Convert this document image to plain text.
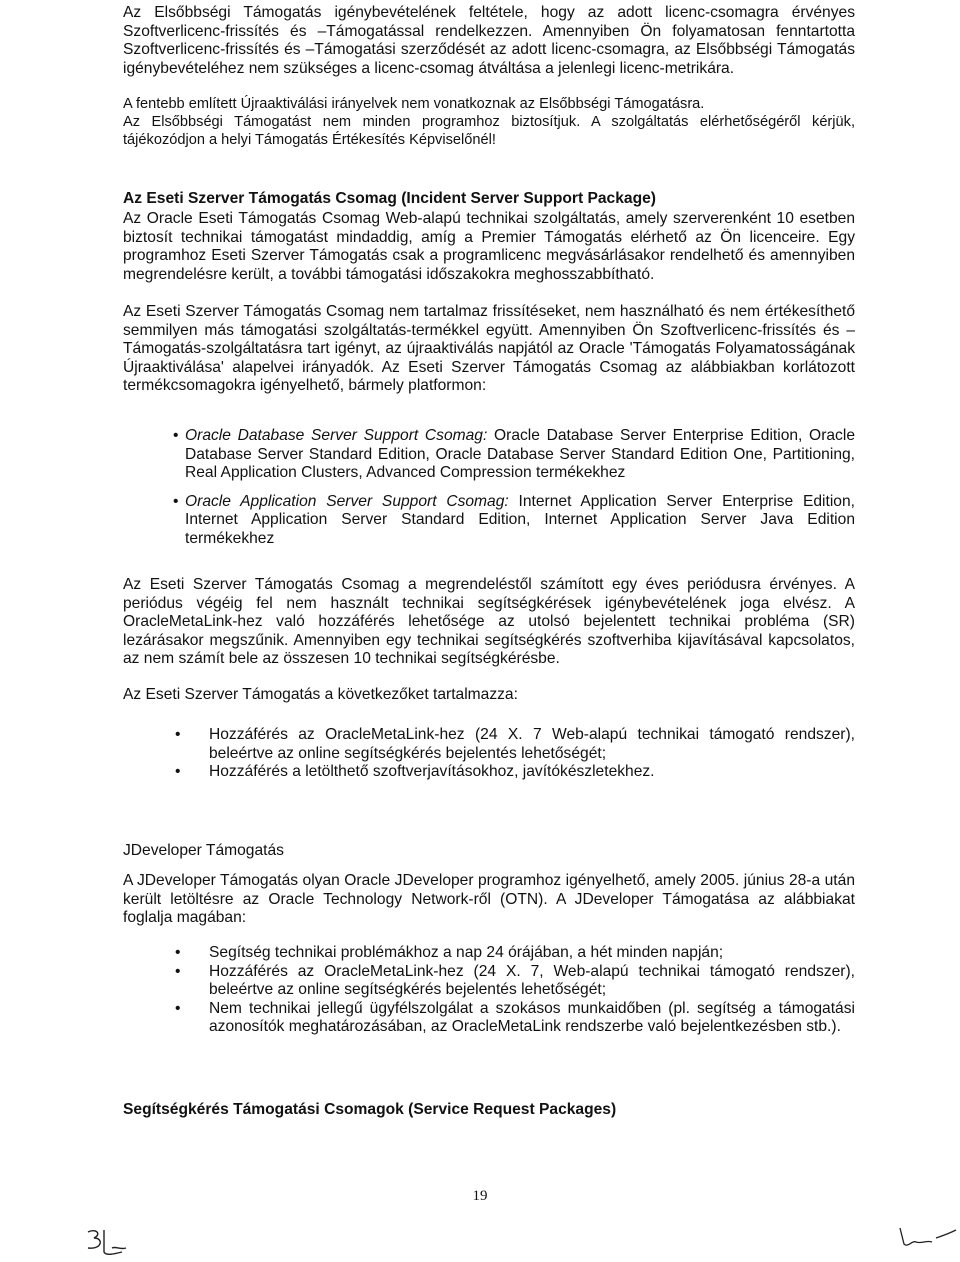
Az Elsőbbségi Támogatás igénybevételének feltétele, hogy az adott licenc-csomagra érvényes Szoftverlicenc-frissítés és –Támogatással rendelkezzen. Amennyiben Ön folyamatosan fenntartotta Szoftverlicenc-frissítés és –Támogatási szerződését az adott licenc-csomagra, az Elsőbbségi Támogatás igénybevételéhez nem szükséges a licenc-csomag átváltása a jelenlegi licenc-metrikára.

A fentebb említett Újraaktiválási irányelvek nem vonatkoznak az Elsőbbségi Támogatásra.

Az Elsőbbségi Támogatást nem minden programhoz biztosítjuk. A szolgáltatás elérhetőségéről kérjük, tájékozódjon a helyi Támogatás Értékesítés Képviselőnél!

Az Eseti Szerver Támogatás Csomag (Incident Server Support Package)

Az Oracle Eseti Támogatás Csomag Web-alapú technikai szolgáltatás, amely szerverenként 10 esetben biztosít technikai támogatást mindaddig, amíg a Premier Támogatás elérhető az Ön licenceire. Egy programhoz Eseti Szerver Támogatás csak a programlicenc megvásárlásakor rendelhető és amennyiben megrendelésre került, a további támogatási időszakokra meghosszabbítható.

Az Eseti Szerver Támogatás Csomag nem tartalmaz frissítéseket, nem használható és nem értékesíthető semmilyen más támogatási szolgáltatás-termékkel együtt. Amennyiben Ön Szoftverlicenc-frissítés és –Támogatás-szolgáltatásra tart igényt, az újraaktiválás napjától az Oracle 'Támogatás Folyamatosságának Újraaktiválása' alapelvei irányadók. Az Eseti Szerver Támogatás Csomag az alábbiakban korlátozott termékcsomagokra igényelhető, bármely platformon:

• Oracle Database Server Support Csomag: Oracle Database Server Enterprise Edition, Oracle Database Server Standard Edition, Oracle Database Server Standard Edition One, Partitioning, Real Application Clusters, Advanced Compression termékekhez
• Oracle Application Server Support Csomag: Internet Application Server Enterprise Edition, Internet Application Server Standard Edition, Internet Application Server Java Edition termékekhez

Az Eseti Szerver Támogatás Csomag a megrendeléstől számított egy éves periódusra érvényes. A periódus végéig fel nem használt technikai segítségkérések igénybevételének joga elvész. A OracleMetaLink-hez való hozzáférés lehetősége az utolsó bejelentett technikai probléma (SR) lezárásakor megszűnik. Amennyiben egy technikai segítségkérés szoftverhiba kijavításával kapcsolatos, az nem számít bele az összesen 10 technikai segítségkérésbe.

Az Eseti Szerver Támogatás a következőket tartalmazza:

• Hozzáférés az OracleMetaLink-hez (24 X. 7 Web-alapú technikai támogató rendszer), beleértve az online segítségkérés bejelentés lehetőségét;
• Hozzáférés a letölthető szoftverjavításokhoz, javítókészletekhez.

JDeveloper Támogatás

A JDeveloper Támogatás olyan Oracle JDeveloper programhoz igényelhető, amely 2005. június 28-a után került letöltésre az Oracle Technology Network-ről (OTN). A JDeveloper Támogatása az alábbiakat foglalja magában:

• Segítség technikai problémákhoz a nap 24 órájában, a hét minden napján;
• Hozzáférés az OracleMetaLink-hez (24 X. 7, Web-alapú technikai támogató rendszer), beleértve az online segítségkérés bejelentés lehetőségét;
• Nem technikai jellegű ügyfélszolgálat a szokásos munkaidőben (pl. segítség a támogatási azonosítók meghatározásában, az OracleMetaLink rendszerbe való bejelentkezésben stb.).

Segítségkérés Támogatási Csomagok (Service Request Packages)

19
